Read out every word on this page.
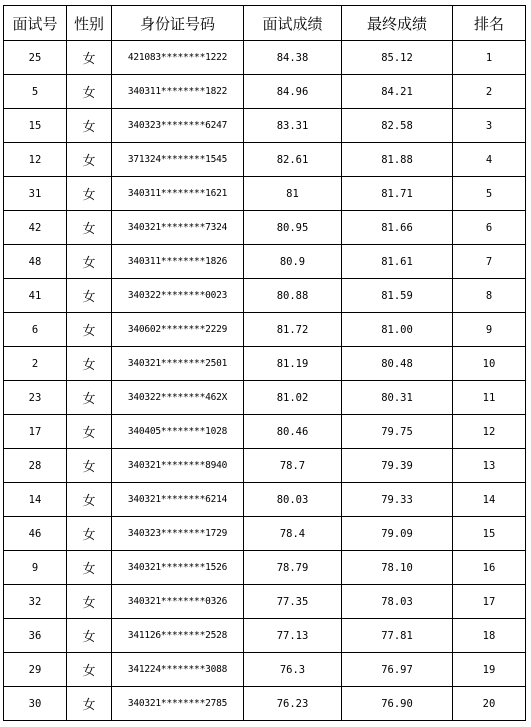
面试号	性别	身份证号码	面试成绩	最终成绩	排名
25	女	421083********1222	84.38	85.12	1
5	女	340311********1822	84.96	84.21	2
15	女	340323********6247	83.31	82.58	3
12	女	371324********1545	82.61	81.88	4
31	女	340311********1621	81	81.71	5
42	女	340321********7324	80.95	81.66	6
48	女	340311********1826	80.9	81.61	7
41	女	340322********0023	80.88	81.59	8
6	女	340602********2229	81.72	81.00	9
2	女	340321********2501	81.19	80.48	10
23	女	340322********462X	81.02	80.31	11
17	女	340405********1028	80.46	79.75	12
28	女	340321********8940	78.7	79.39	13
14	女	340321********6214	80.03	79.33	14
46	女	340323********1729	78.4	79.09	15
9	女	340321********1526	78.79	78.10	16
32	女	340321********0326	77.35	78.03	17
36	女	341126********2528	77.13	77.81	18
29	女	341224********3088	76.3	76.97	19
30	女	340321********2785	76.23	76.90	20
